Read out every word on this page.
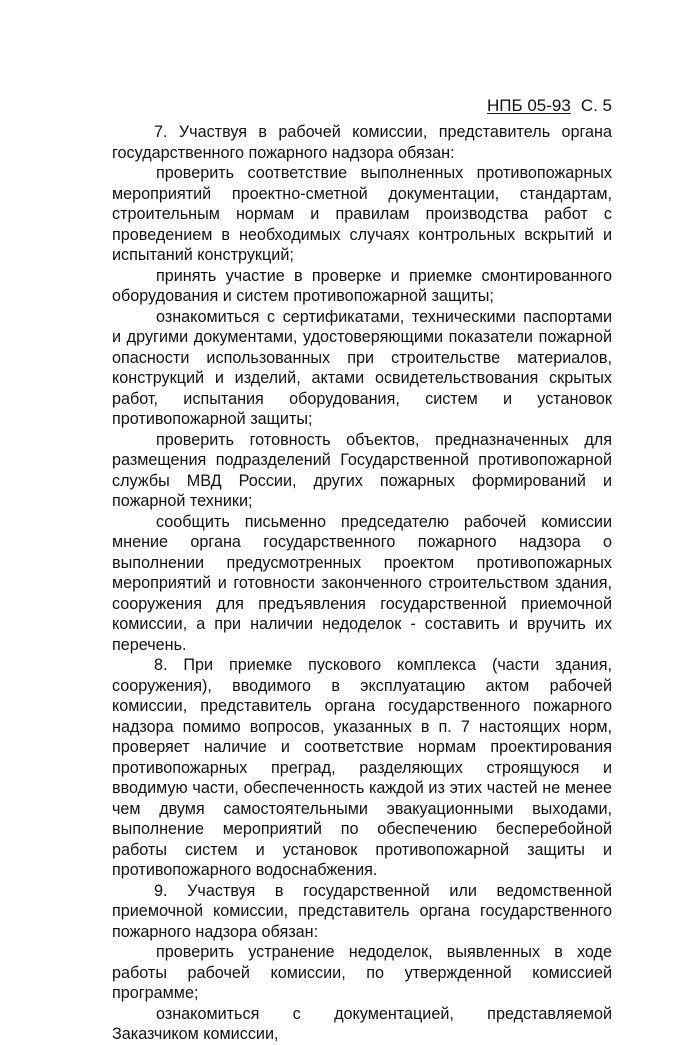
НПБ 05-93 С. 5

7. Участвуя в рабочей комиссии, представитель органа государственного пожарного надзора обязан:

проверить соответствие выполненных противопожарных мероприятий проектно-сметной документации, стандартам, строительным нормам и правилам производства работ с проведением в необходимых случаях контрольных вскрытий и испытаний конструкций;

принять участие в проверке и приемке смонтированного оборудования и систем противопожарной защиты;

ознакомиться с сертификатами, техническими паспортами и другими документами, удостоверяющими показатели пожарной опасности использованных при строительстве материалов, конструкций и изделий, актами освидетельствования скрытых работ, испытания оборудования, систем и установок противопожарной защиты;

проверить готовность объектов, предназначенных для размещения подразделений Государственной противопожарной службы МВД России, других пожарных формирований и пожарной техники;

сообщить письменно председателю рабочей комиссии мнение органа государственного пожарного надзора о выполнении предусмотренных проектом противопожарных мероприятий и готовности законченного строительством здания, сооружения для предъявления государственной приемочной комиссии, а при наличии недоделок - составить и вручить их перечень.

8. При приемке пускового комплекса (части здания, сооружения), вводимого в эксплуатацию актом рабочей комиссии, представитель органа государственного пожарного надзора помимо вопросов, указанных в п. 7 настоящих норм, проверяет наличие и соответствие нормам проектирования противопожарных преград, разделяющих строящуюся и вводимую части, обеспеченность каждой из этих частей не менее чем двумя самостоятельными эвакуационными выходами, выполнение мероприятий по обеспечению бесперебойной работы систем и установок противопожарной защиты и противопожарного водоснабжения.

9. Участвуя в государственной или ведомственной приемочной комиссии, представитель органа государственного пожарного надзора обязан:

проверить устранение недоделок, выявленных в ходе работы рабочей комиссии, по утвержденной комиссией программе;

ознакомиться с документацией, представляемой Заказчиком комиссии,
